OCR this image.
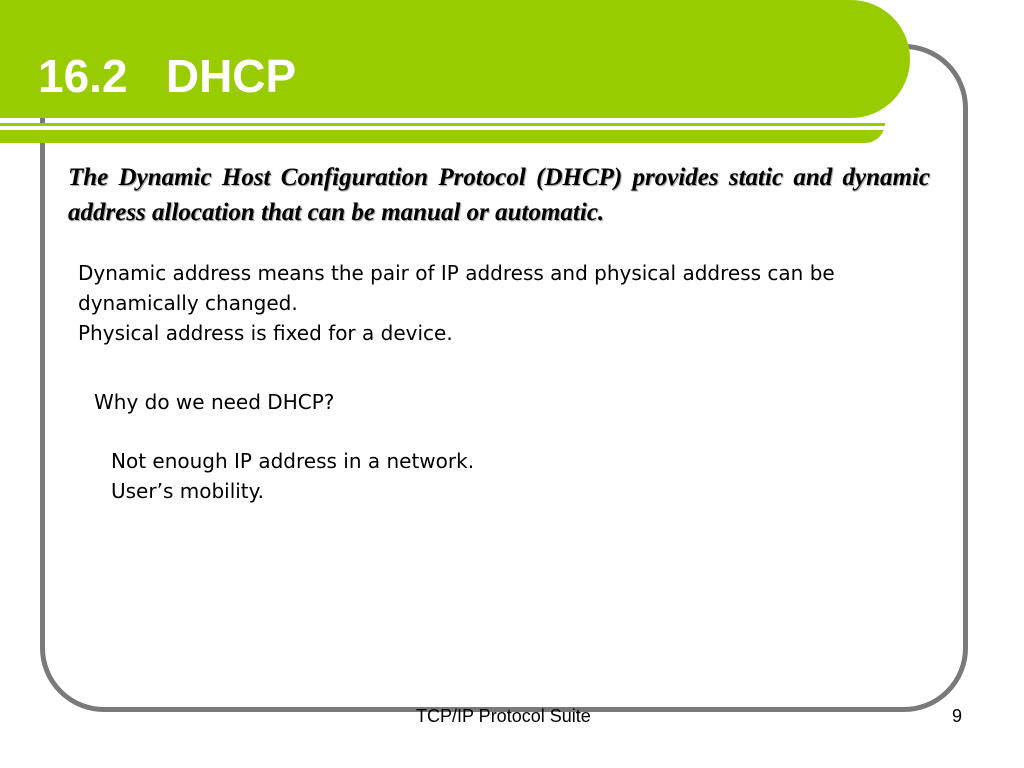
16.2   DHCP

The Dynamic Host Configuration Protocol (DHCP) provides static and dynamic address allocation that can be manual or automatic.

Dynamic address means the pair of IP address and physical address can be dynamically changed.

Physical address is fixed for a device.

Why do we need DHCP?

Not enough IP address in a network.

User’s mobility.

TCP/IP Protocol Suite	9
